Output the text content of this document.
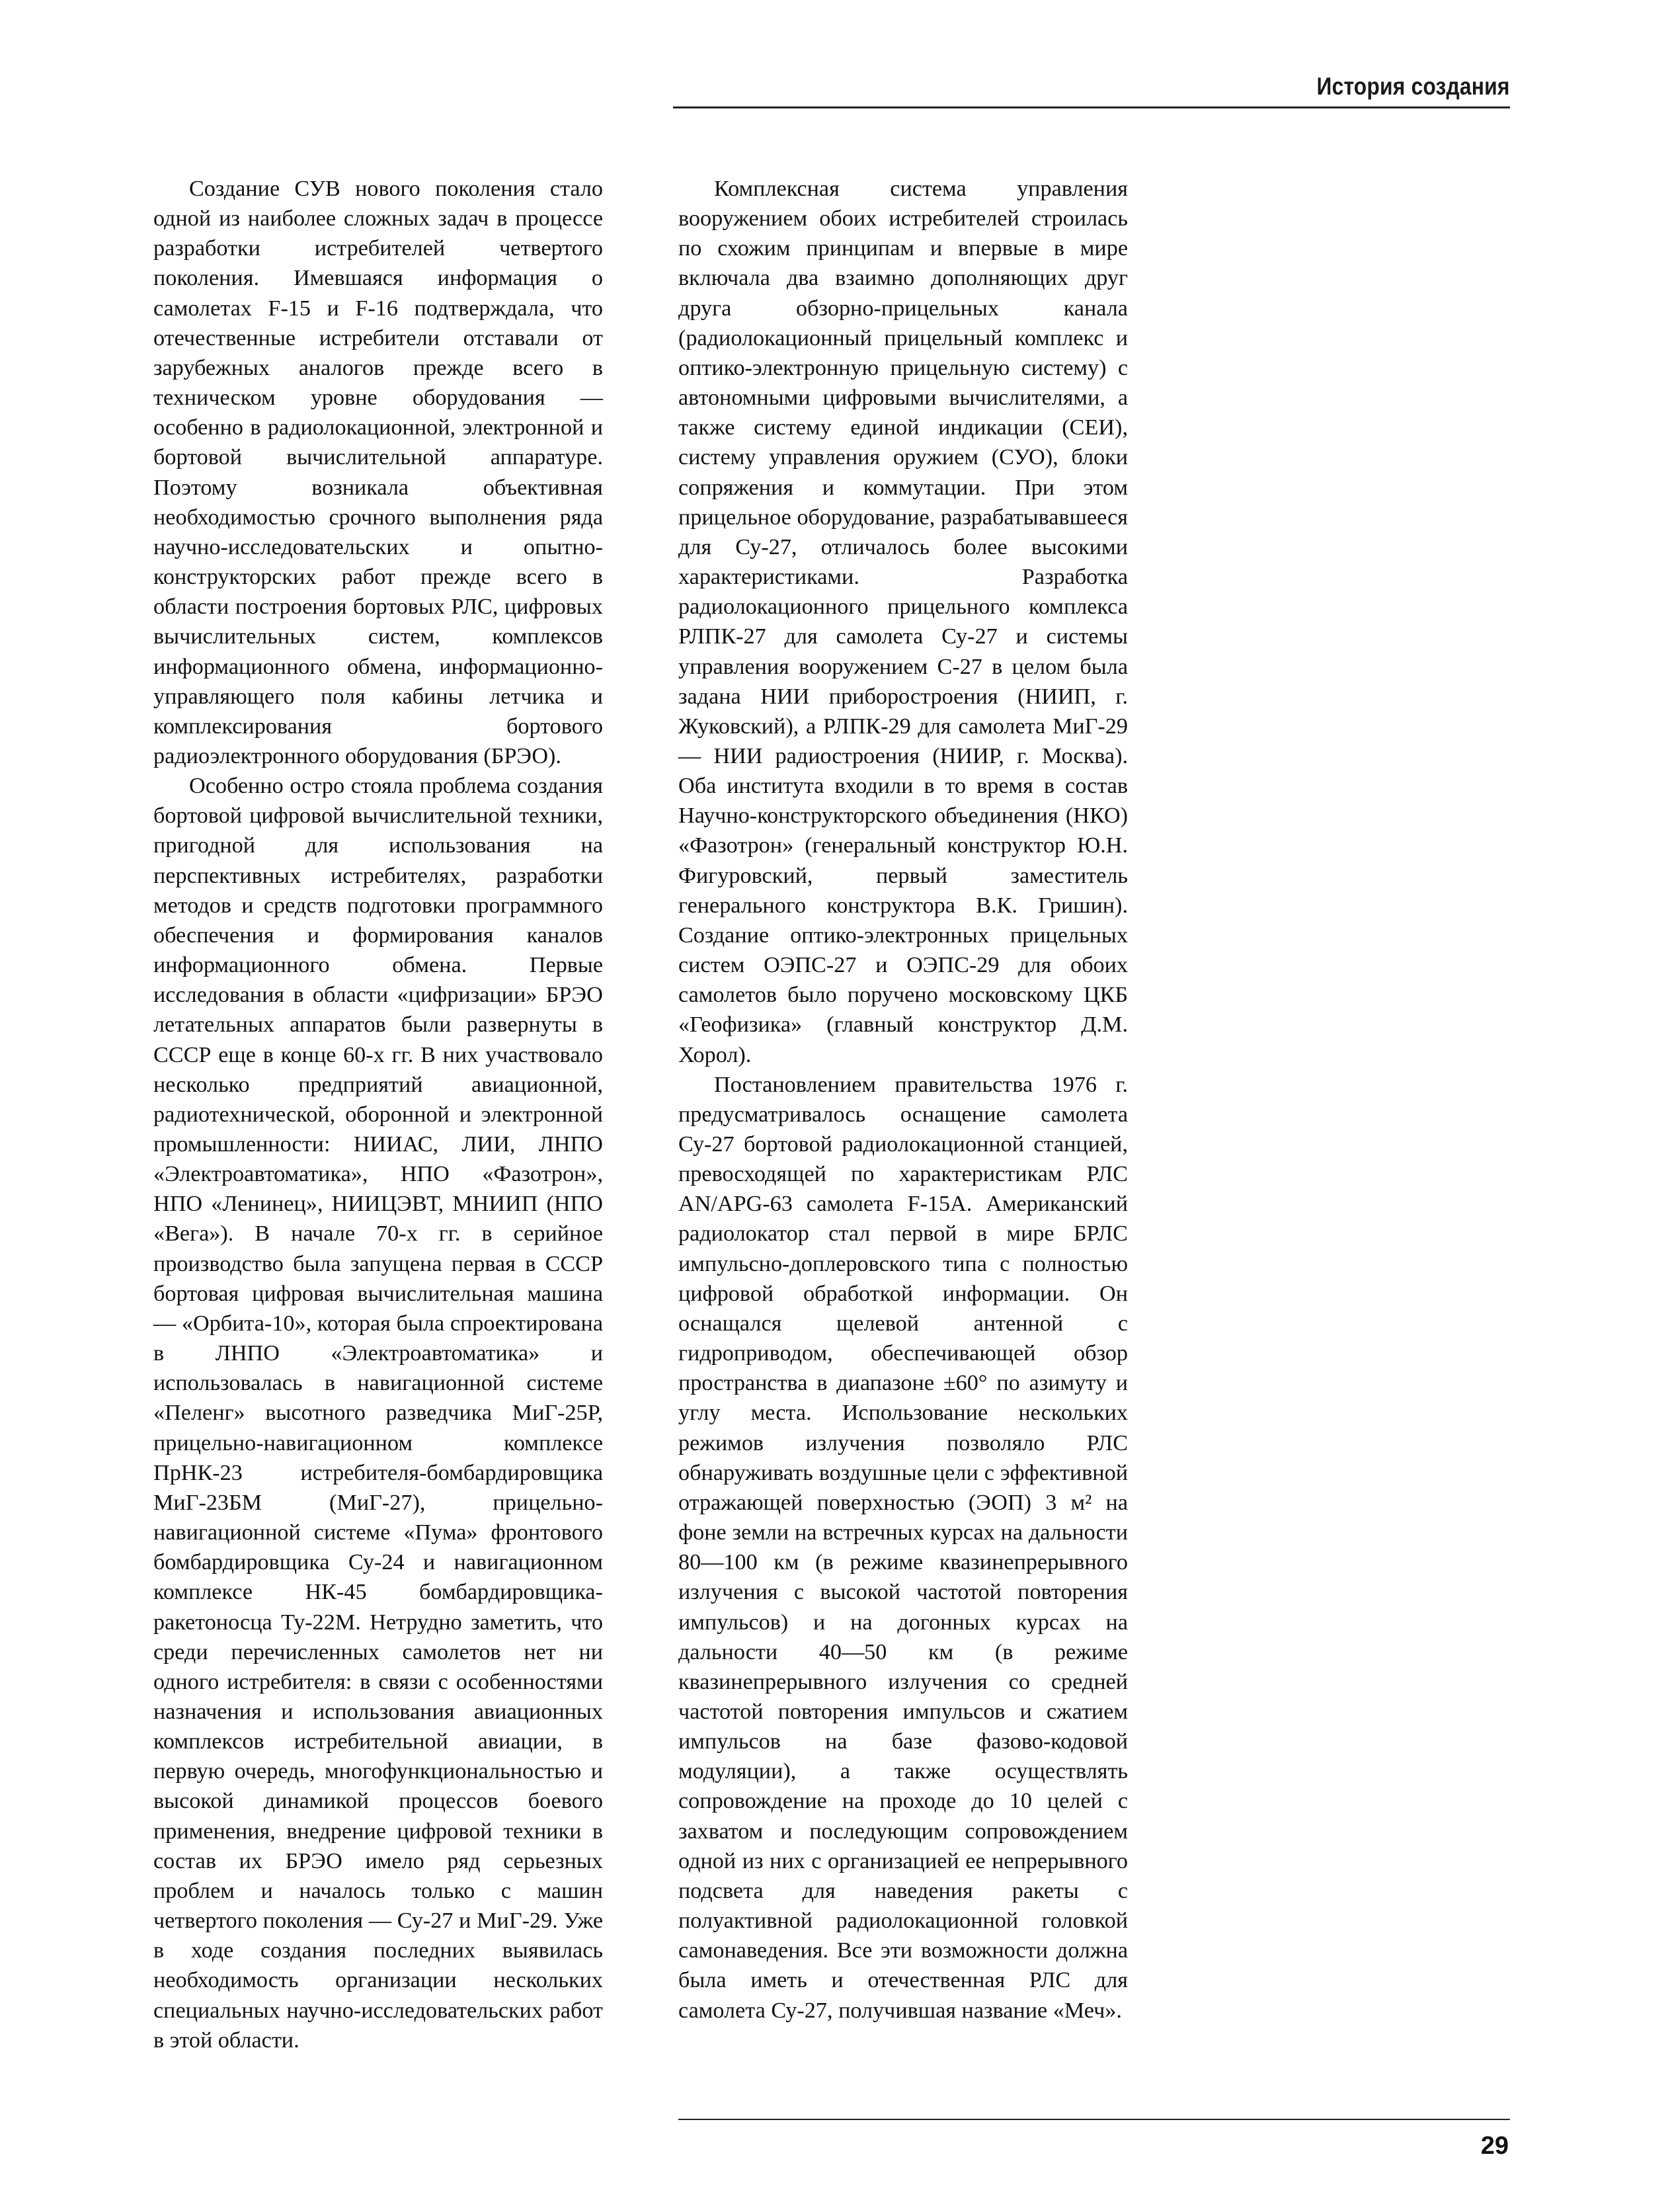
История создания

Создание СУВ нового поколения стало одной из наиболее сложных задач в процессе разработки истребителей четвертого поколения. Имевшаяся информация о самолетах F-15 и F-16 подтверждала, что отечественные истребители отставали от зарубежных аналогов прежде всего в техническом уровне оборудования — особенно в радиолокационной, электронной и бортовой вычислительной аппаратуре. Поэтому возникала объективная необходимостью срочного выполнения ряда научно-исследовательских и опытно-конструкторских работ прежде всего в области построения бортовых РЛС, цифровых вычислительных систем, комплексов информационного обмена, информационно-управляющего поля кабины летчика и комплексирования бортового радиоэлектронного оборудования (БРЭО).

Особенно остро стояла проблема создания бортовой цифровой вычислительной техники, пригодной для использования на перспективных истребителях, разработки методов и средств подготовки программного обеспечения и формирования каналов информационного обмена. Первые исследования в области «цифризации» БРЭО летательных аппаратов были развернуты в СССР еще в конце 60-х гг. В них участвовало несколько предприятий авиационной, радиотехнической, оборонной и электронной промышленности: НИИАС, ЛИИ, ЛНПО «Электроавтоматика», НПО «Фазотрон», НПО «Ленинец», НИИЦЭВТ, МНИИП (НПО «Вега»). В начале 70-х гг. в серийное производство была запущена первая в СССР бортовая цифровая вычислительная машина — «Орбита-10», которая была спроектирована в ЛНПО «Электроавтоматика» и использовалась в навигационной системе «Пеленг» высотного разведчика МиГ-25Р, прицельно-навигационном комплексе ПрНК-23 истребителя-бомбардировщика МиГ-23БМ (МиГ-27), прицельно-навигационной системе «Пума» фронтового бомбардировщика Су-24 и навигационном комплексе НК-45 бомбардировщика-ракетоносца Ту-22М. Нетрудно заметить, что среди перечисленных самолетов нет ни одного истребителя: в связи с особенностями назначения и использования авиационных комплексов истребительной авиации, в первую очередь, многофункциональностью и высокой динамикой процессов боевого применения, внедрение цифровой техники в состав их БРЭО имело ряд серьезных проблем и началось только с машин четвертого поколения — Су-27 и МиГ-29. Уже в ходе создания последних выявилась необходимость организации нескольких специальных научно-исследовательских работ в этой области.

Комплексная система управления вооружением обоих истребителей строилась по схожим принципам и впервые в мире включала два взаимно дополняющих друг друга обзорно-прицельных канала (радиолокационный прицельный комплекс и оптико-электронную прицельную систему) с автономными цифровыми вычислителями, а также систему единой индикации (СЕИ), систему управления оружием (СУО), блоки сопряжения и коммутации. При этом прицельное оборудование, разрабатывавшееся для Су-27, отличалось более высокими характеристиками. Разработка радиолокационного прицельного комплекса РЛПК-27 для самолета Су-27 и системы управления вооружением С-27 в целом была задана НИИ приборостроения (НИИП, г. Жуковский), а РЛПК-29 для самолета МиГ-29 — НИИ радиостроения (НИИР, г. Москва). Оба института входили в то время в состав Научно-конструкторского объединения (НКО) «Фазотрон» (генеральный конструктор Ю.Н. Фигуровский, первый заместитель генерального конструктора В.К. Гришин). Создание оптико-электронных прицельных систем ОЭПС-27 и ОЭПС-29 для обоих самолетов было поручено московскому ЦКБ «Геофизика» (главный конструктор Д.М. Хорол).

Постановлением правительства 1976 г. предусматривалось оснащение самолета Су-27 бортовой радиолокационной станцией, превосходящей по характеристикам РЛС AN/APG-63 самолета F-15A. Американский радиолокатор стал первой в мире БРЛС импульсно-доплеровского типа с полностью цифровой обработкой информации. Он оснащался щелевой антенной с гидроприводом, обеспечивающей обзор пространства в диапазоне ±60° по азимуту и углу места. Использование нескольких режимов излучения позволяло РЛС обнаруживать воздушные цели с эффективной отражающей поверхностью (ЭОП) 3 м² на фоне земли на встречных курсах на дальности 80—100 км (в режиме квазинепрерывного излучения с высокой частотой повторения импульсов) и на догонных курсах на дальности 40—50 км (в режиме квазинепрерывного излучения со средней частотой повторения импульсов и сжатием импульсов на базе фазово-кодовой модуляции), а также осуществлять сопровождение на проходе до 10 целей с захватом и последующим сопровождением одной из них с организацией ее непрерывного подсвета для наведения ракеты с полуактивной радиолокационной головкой самонаведения. Все эти возможности должна была иметь и отечественная РЛС для самолета Су-27, получившая название «Меч».

29
